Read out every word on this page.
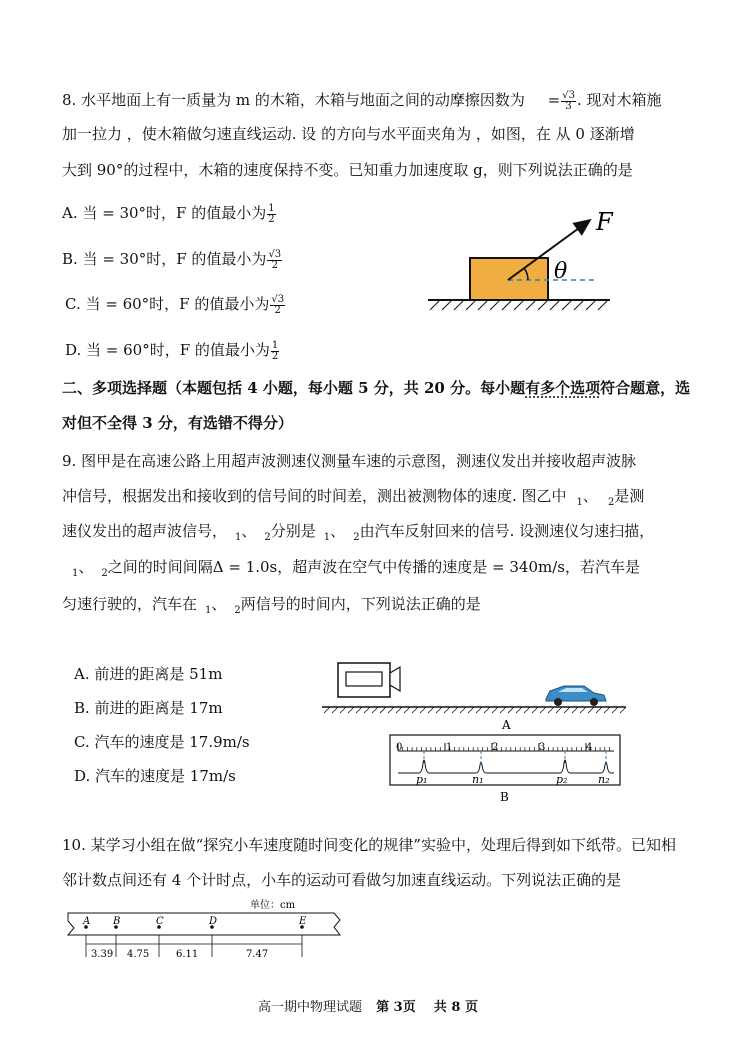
8. 水平地面上有一质量为 m 的木箱，木箱与地面之间的动摩擦因数为 = $\frac{√3}{3}$ . 现对木箱施
加一拉力 ，使木箱做匀速直线运动. 设 的方向与水平面夹角为 ，如图，在 从 0 逐渐增
大到 90°的过程中，木箱的速度保持不变。已知重力加速度取 g，则下列说法正确的是
A. 当 = 30°时，F 的值最小为 $\frac{1}{2}$
B. 当 = 30°时，F 的值最小为 $\frac{√3}{2}$
C. 当 = 60°时，F 的值最小为 $\frac{√3}{2}$
D. 当 = 60°时，F 的值最小为 $\frac{1}{2}$
F
θ
二、多项选择题（本题包括 4 小题，每小题 5 分，共 20 分。每小题有多个选项符合题意，选
对但不全得 3 分，有选错不得分）
9. 图甲是在高速公路上用超声波测速仪测量车速的示意图，测速仪发出并接收超声波脉
冲信号，根据发出和接收到的信号间的时间差，测出被测物体的速度. 图乙中 $_1$、 $_2$是测
速仪发出的超声波信号， $_1$、 $_2$分别是 $_1$、 $_2$由汽车反射回来的信号. 设测速仪匀速扫描，
$_1$、 $_2$之间的时间间隔Δ = 1.0s，超声波在空气中传播的速度是 = 340m/s，若汽车是
匀速行驶的，汽车在 $_1$、 $_2$两信号的时间内，下列说法正确的是
A. 前进的距离是 51m
B. 前进的距离是 17m
C. 汽车的速度是 17.9m/s
D. 汽车的速度是 17m/s
A
0	1	2	3	4
p₁	n₁	p₂	n₂
B
10. 某学习小组在做“探究小车速度随时间变化的规律”实验中，处理后得到如下纸带。已知相
邻计数点间还有 4 个计时点，小车的运动可看做匀加速直线运动。下列说法正确的是
单位：cm
A B	C	D	E
3.39 4.75	6.11	7.47
高一期中物理试题 第 3页 共 8 页
